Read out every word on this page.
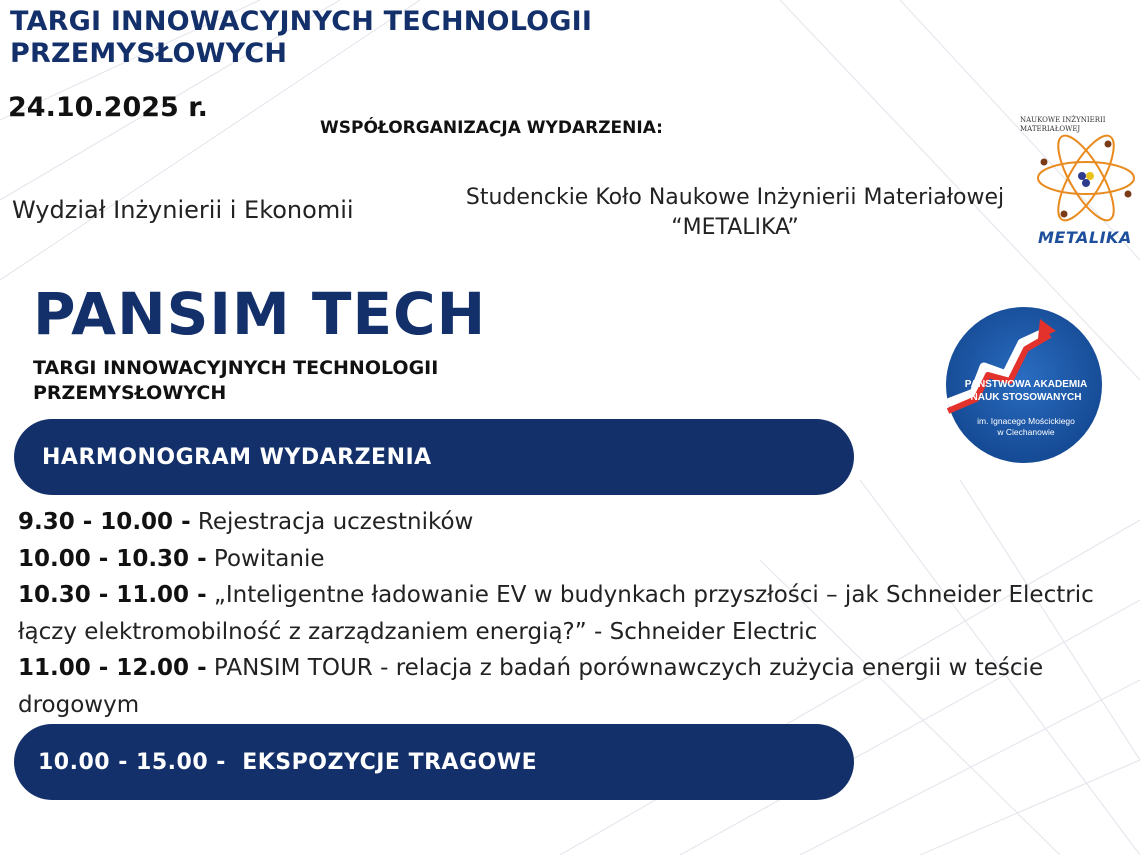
TARGI INNOWACYJNYCH TECHNOLOGII
PRZEMYSŁOWYCH
24.10.2025 r.
WSPÓŁORGANIZACJA WYDARZENIA:
Wydział Inżynierii i Ekonomii	Studenckie Koło Naukowe Inżynierii Materiałowej
“METALIKA”
NAUKOWE INŻYNIERII
MATERIAŁOWEJ
METALIKA
PANSIM TECH
TARGI INNOWACYJNYCH TECHNOLOGII
PRZEMYSŁOWYCH	PAŃSTWOWA AKADEMIA
NAUK STOSOWANYCH
im. Ignacego Mościckiego
w Ciechanowie
HARMONOGRAM WYDARZENIA

9.30 - 10.00 - Rejestracja uczestników

10.00 - 10.30 - Powitanie

10.30 - 11.00 - „Inteligentne ładowanie EV w budynkach przyszłości – jak Schneider Electric łączy elektromobilność z zarządzaniem energią?” - Schneider Electric

11.00 - 12.00 - PANSIM TOUR - relacja z badań porównawczych zużycia energii w teście drogowym

10.00 - 15.00 -  EKSPOZYCJE TRAGOWE
